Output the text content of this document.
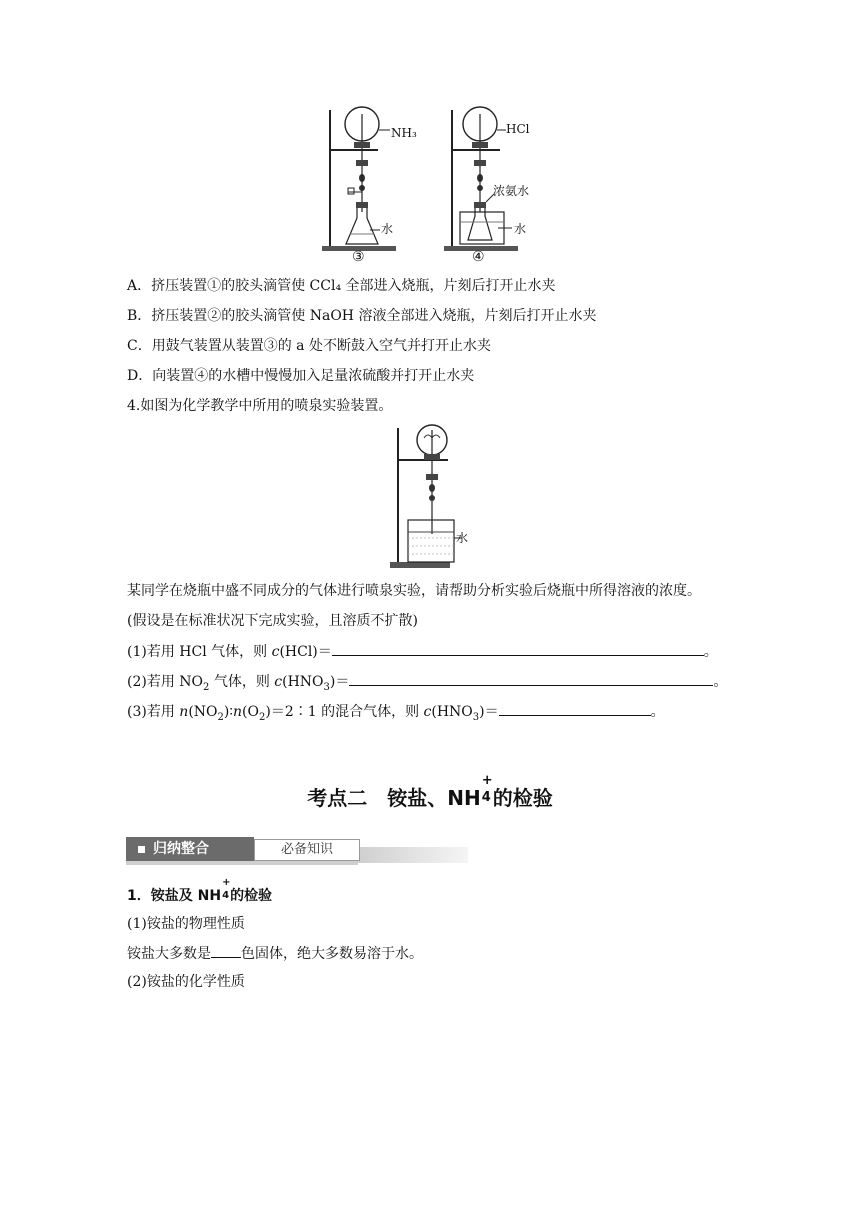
NH₃
水
③
HCl
浓氨水
水
④
A．挤压装置①的胶头滴管使 CCl₄ 全部进入烧瓶，片刻后打开止水夹
B．挤压装置②的胶头滴管使 NaOH 溶液全部进入烧瓶，片刻后打开止水夹
C．用鼓气装置从装置③的 a 处不断鼓入空气并打开止水夹
D．向装置④的水槽中慢慢加入足量浓硫酸并打开止水夹
4.如图为化学教学中所用的喷泉实验装置。
水
某同学在烧瓶中盛不同成分的气体进行喷泉实验，请帮助分析实验后烧瓶中所得溶液的浓度。
(假设是在标准状况下完成实验，且溶质不扩散)
(1)若用 HCl 气体，则 c(HCl)＝	。
(2)若用 $NO_2$ 气体，则 $c(HNO_3)=$	。
(3)若用 $n(NO_2)∶n(O_2)=2∶1$ 的混合气体，则 $c(HNO_3)=$	。
考点二　铵盐、NH
+
4 的检验
归纳整合	必备知识
1．铵盐及 NH
+
4 的检验
(1)铵盐的物理性质
铵盐大多数是 色固体，绝大多数易溶于水。
(2)铵盐的化学性质
